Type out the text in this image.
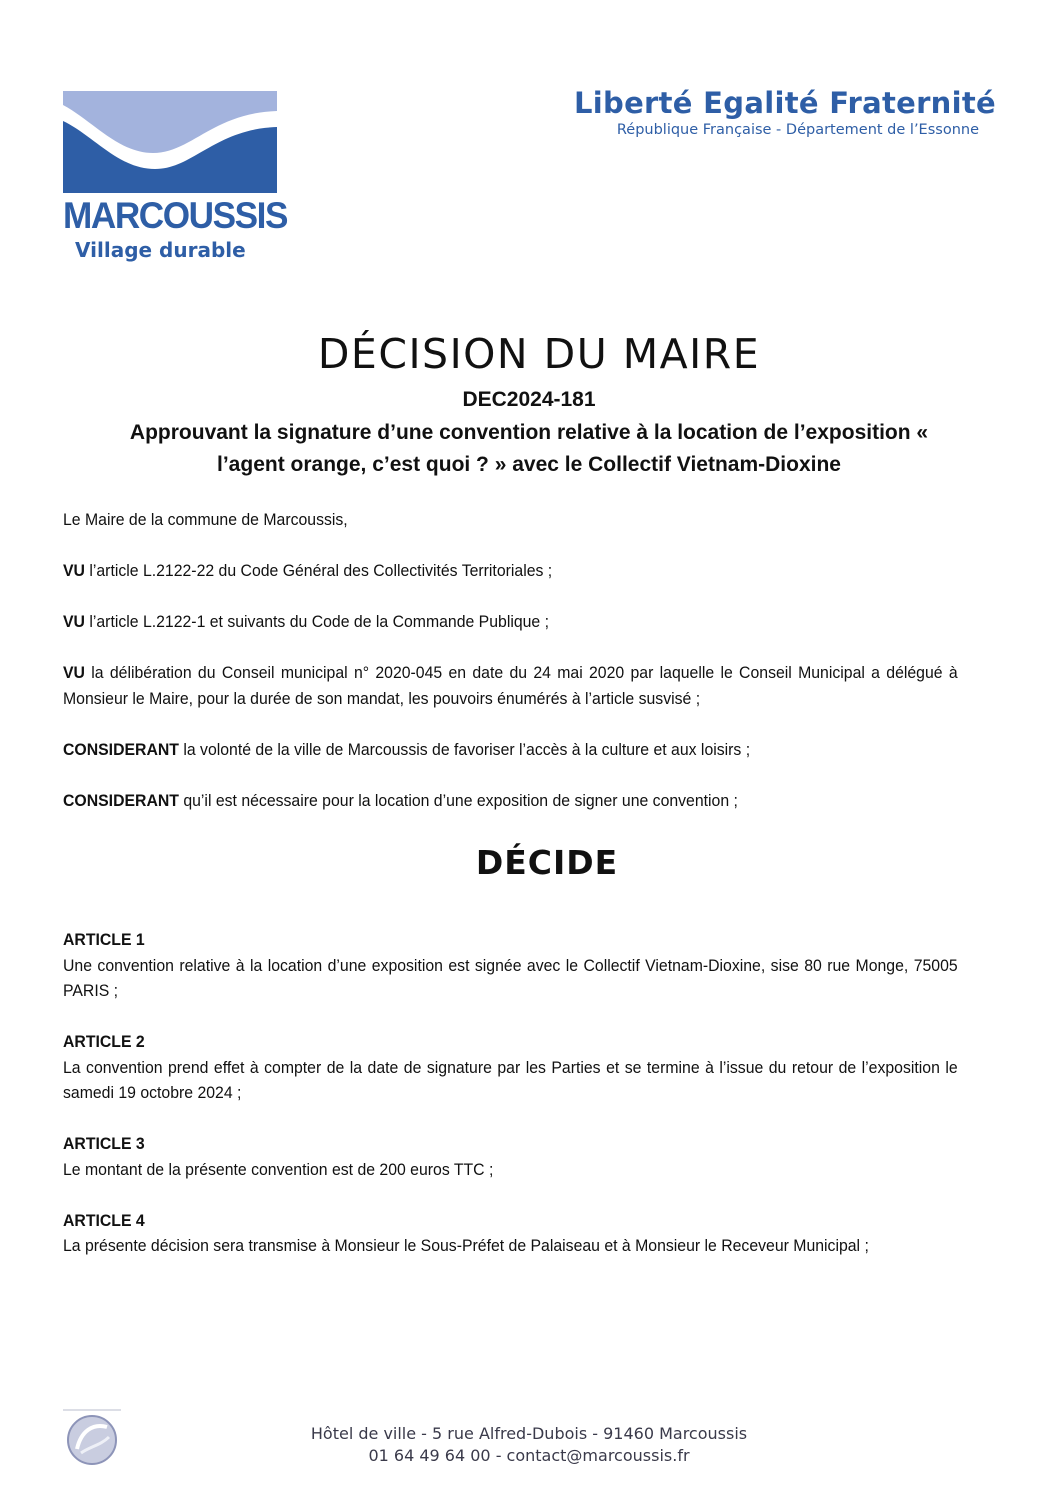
MARCOUSSIS
Village durable
Liberté Egalité Fraternité
République Française - Département de l’Essonne
DÉCISION DU MAIRE
DEC2024-181
Approuvant la signature d’une convention relative à la location de l’exposition «
l’agent orange, c’est quoi ? » avec le Collectif Vietnam-Dioxine

Le Maire de la commune de Marcoussis,

VU l’article L.2122-22 du Code Général des Collectivités Territoriales ;

VU l’article L.2122-1 et suivants du Code de la Commande Publique ;

VU la délibération du Conseil municipal n° 2020-045 en date du 24 mai 2020 par laquelle le Conseil Municipal a délégué à Monsieur le Maire, pour la durée de son mandat, les pouvoirs énumérés à l’article susvisé ;

CONSIDERANT la volonté de la ville de Marcoussis de favoriser l’accès à la culture et aux loisirs ;

CONSIDERANT qu’il est nécessaire pour la location d’une exposition de signer une convention ;

DÉCIDE
ARTICLE 1
Une convention relative à la location d’une exposition est signée avec le Collectif Vietnam-Dioxine, sise 80 rue Monge, 75005 PARIS ;
ARTICLE 2
La convention prend effet à compter de la date de signature par les Parties et se termine à l’issue du retour de l’exposition le samedi 19 octobre 2024 ;
ARTICLE 3
Le montant de la présente convention est de 200 euros TTC ;
ARTICLE 4
La présente décision sera transmise à Monsieur le Sous-Préfet de Palaiseau et à Monsieur le Receveur Municipal ;
Hôtel de ville - 5 rue Alfred-Dubois - 91460 Marcoussis
01 64 49 64 00 - contact@marcoussis.fr
